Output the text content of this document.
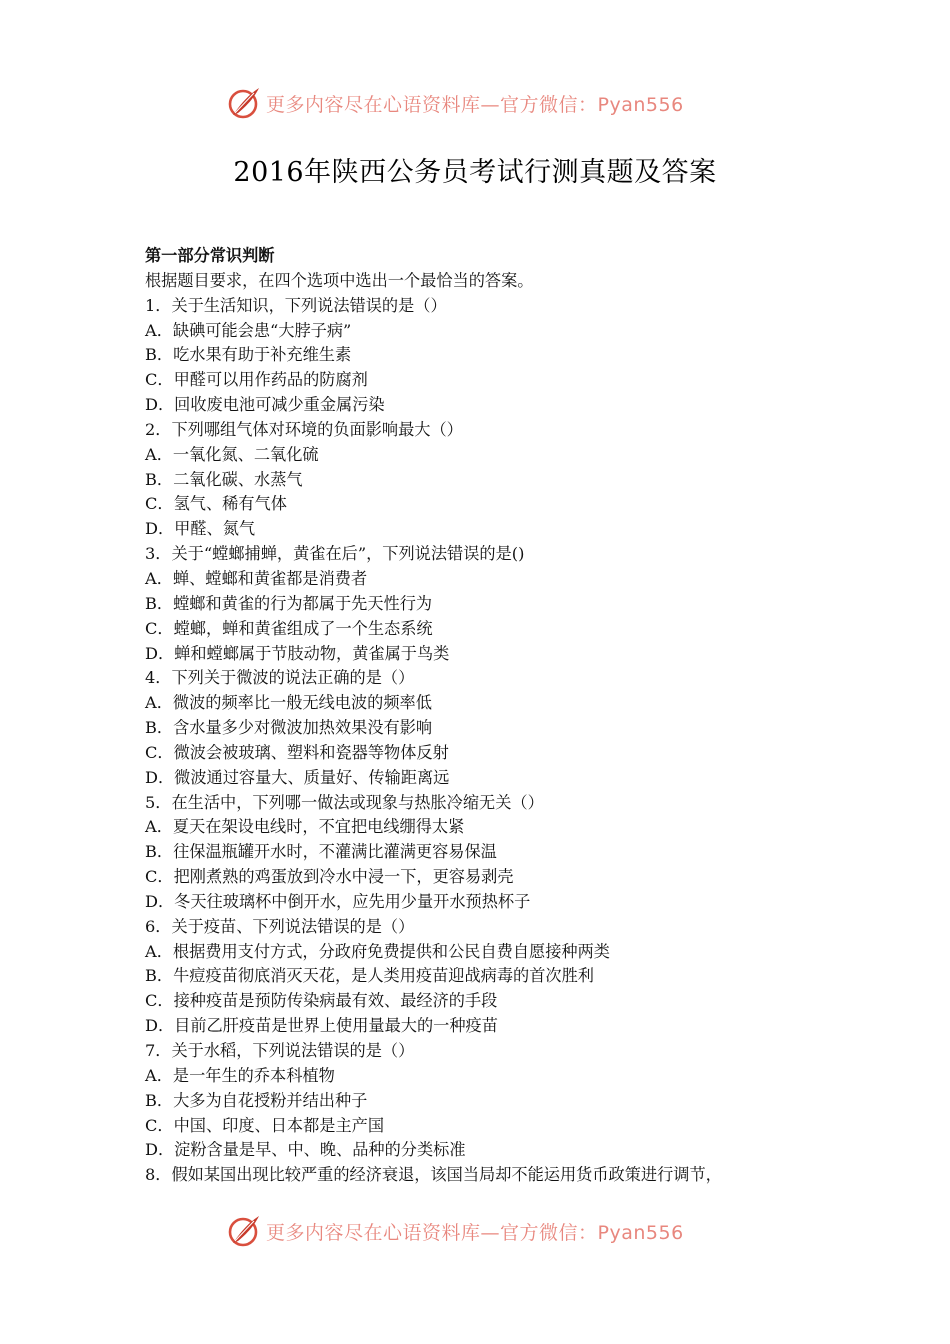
更多内容尽在心语资料库—官方微信：Pyan556
2016年陕西公务员考试行测真题及答案
第一部分常识判断
根据题目要求，在四个选项中选出一个最恰当的答案。
1．关于生活知识，下列说法错误的是（）
A．缺碘可能会患“大脖子病”
B．吃水果有助于补充维生素
C．甲醛可以用作药品的防腐剂
D．回收废电池可减少重金属污染
2．下列哪组气体对环境的负面影响最大（）
A．一氧化氮、二氧化硫
B．二氧化碳、水蒸气
C．氢气、稀有气体
D．甲醛、氮气
3．关于“螳螂捕蝉，黄雀在后”，下列说法错误的是()
A．蝉、螳螂和黄雀都是消费者
B．螳螂和黄雀的行为都属于先天性行为
C．螳螂，蝉和黄雀组成了一个生态系统
D．蝉和螳螂属于节肢动物，黄雀属于鸟类
4．下列关于微波的说法正确的是（）
A．微波的频率比一般无线电波的频率低
B．含水量多少对微波加热效果没有影响
C．微波会被玻璃、塑料和瓷器等物体反射
D．微波通过容量大、质量好、传输距离远
5．在生活中，下列哪一做法或现象与热胀冷缩无关（）
A．夏天在架设电线时，不宜把电线绷得太紧
B．往保温瓶罐开水时，不灌满比灌满更容易保温
C．把刚煮熟的鸡蛋放到冷水中浸一下，更容易剥壳
D．冬天往玻璃杯中倒开水，应先用少量开水预热杯子
6．关于疫苗、下列说法错误的是（）
A．根据费用支付方式，分政府免费提供和公民自费自愿接种两类
B．牛痘疫苗彻底消灭天花，是人类用疫苗迎战病毒的首次胜利
C．接种疫苗是预防传染病最有效、最经济的手段
D．目前乙肝疫苗是世界上使用量最大的一种疫苗
7．关于水稻，下列说法错误的是（）
A．是一年生的乔本科植物
B．大多为自花授粉并结出种子
C．中国、印度、日本都是主产国
D．淀粉含量是早、中、晚、品种的分类标准
8．假如某国出现比较严重的经济衰退，该国当局却不能运用货币政策进行调节，
更多内容尽在心语资料库—官方微信：Pyan556
